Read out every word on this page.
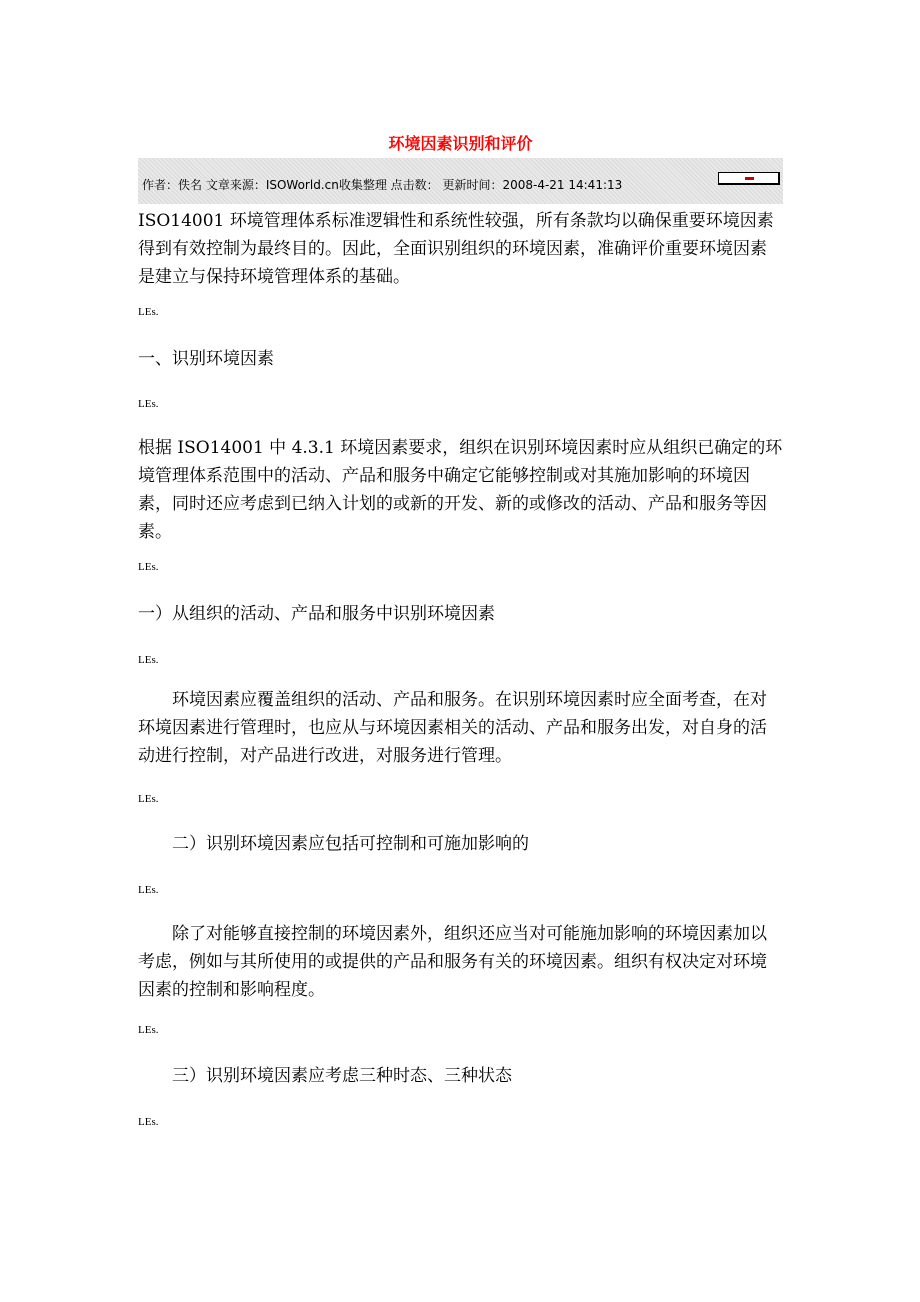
环境因素识别和评价
作者：佚名 文章来源：ISOWorld.cn收集整理 点击数： 更新时间：2008-4-21 14:41:13

ISO14001 环境管理体系标准逻辑性和系统性较强，所有条款均以确保重要环境因素得到有效控制为最终目的。因此，全面识别组织的环境因素，准确评价重要环境因素是建立与保持环境管理体系的基础。

LEs.

一、识别环境因素

LEs.

根据 ISO14001 中 4.3.1 环境因素要求，组织在识别环境因素时应从组织已确定的环境管理体系范围中的活动、产品和服务中确定它能够控制或对其施加影响的环境因素，同时还应考虑到已纳入计划的或新的开发、新的或修改的活动、产品和服务等因素。

LEs.

一）从组织的活动、产品和服务中识别环境因素

LEs.

环境因素应覆盖组织的活动、产品和服务。在识别环境因素时应全面考查，在对环境因素进行管理时，也应从与环境因素相关的活动、产品和服务出发，对自身的活动进行控制，对产品进行改进，对服务进行管理。

LEs.

二）识别环境因素应包括可控制和可施加影响的

LEs.

除了对能够直接控制的环境因素外，组织还应当对可能施加影响的环境因素加以考虑，例如与其所使用的或提供的产品和服务有关的环境因素。组织有权决定对环境因素的控制和影响程度。

LEs.

三）识别环境因素应考虑三种时态、三种状态

LEs.
